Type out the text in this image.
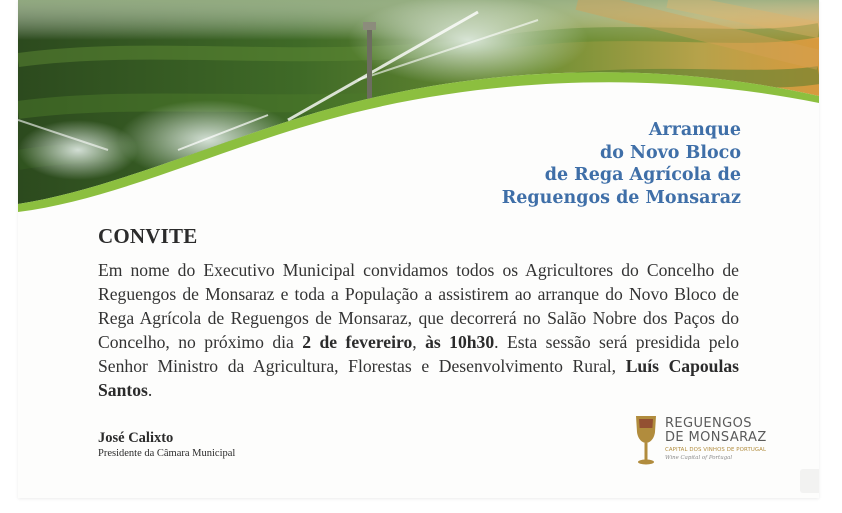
Arranque
do Novo Bloco
de Rega Agrícola de
Reguengos de Monsaraz
CONVITE
Em nome do Executivo Municipal convidamos todos os Agricultores do Concelho de Reguengos de Monsaraz e toda a População a assistirem ao arranque do Novo Bloco de Rega Agrícola de Reguengos de Monsaraz, que decorrerá no Salão Nobre dos Paços do Concelho, no próximo dia 2 de fevereiro, às 10h30. Esta sessão será presidida pelo Senhor Ministro da Agricultura, Florestas e Desenvolvimento Rural, Luís Capoulas Santos.
José Calixto
Presidente da Câmara Municipal
REGUENGOS
DE MONSARAZ
CAPITAL DOS VINHOS DE PORTUGAL
Wine Capital of Portugal
